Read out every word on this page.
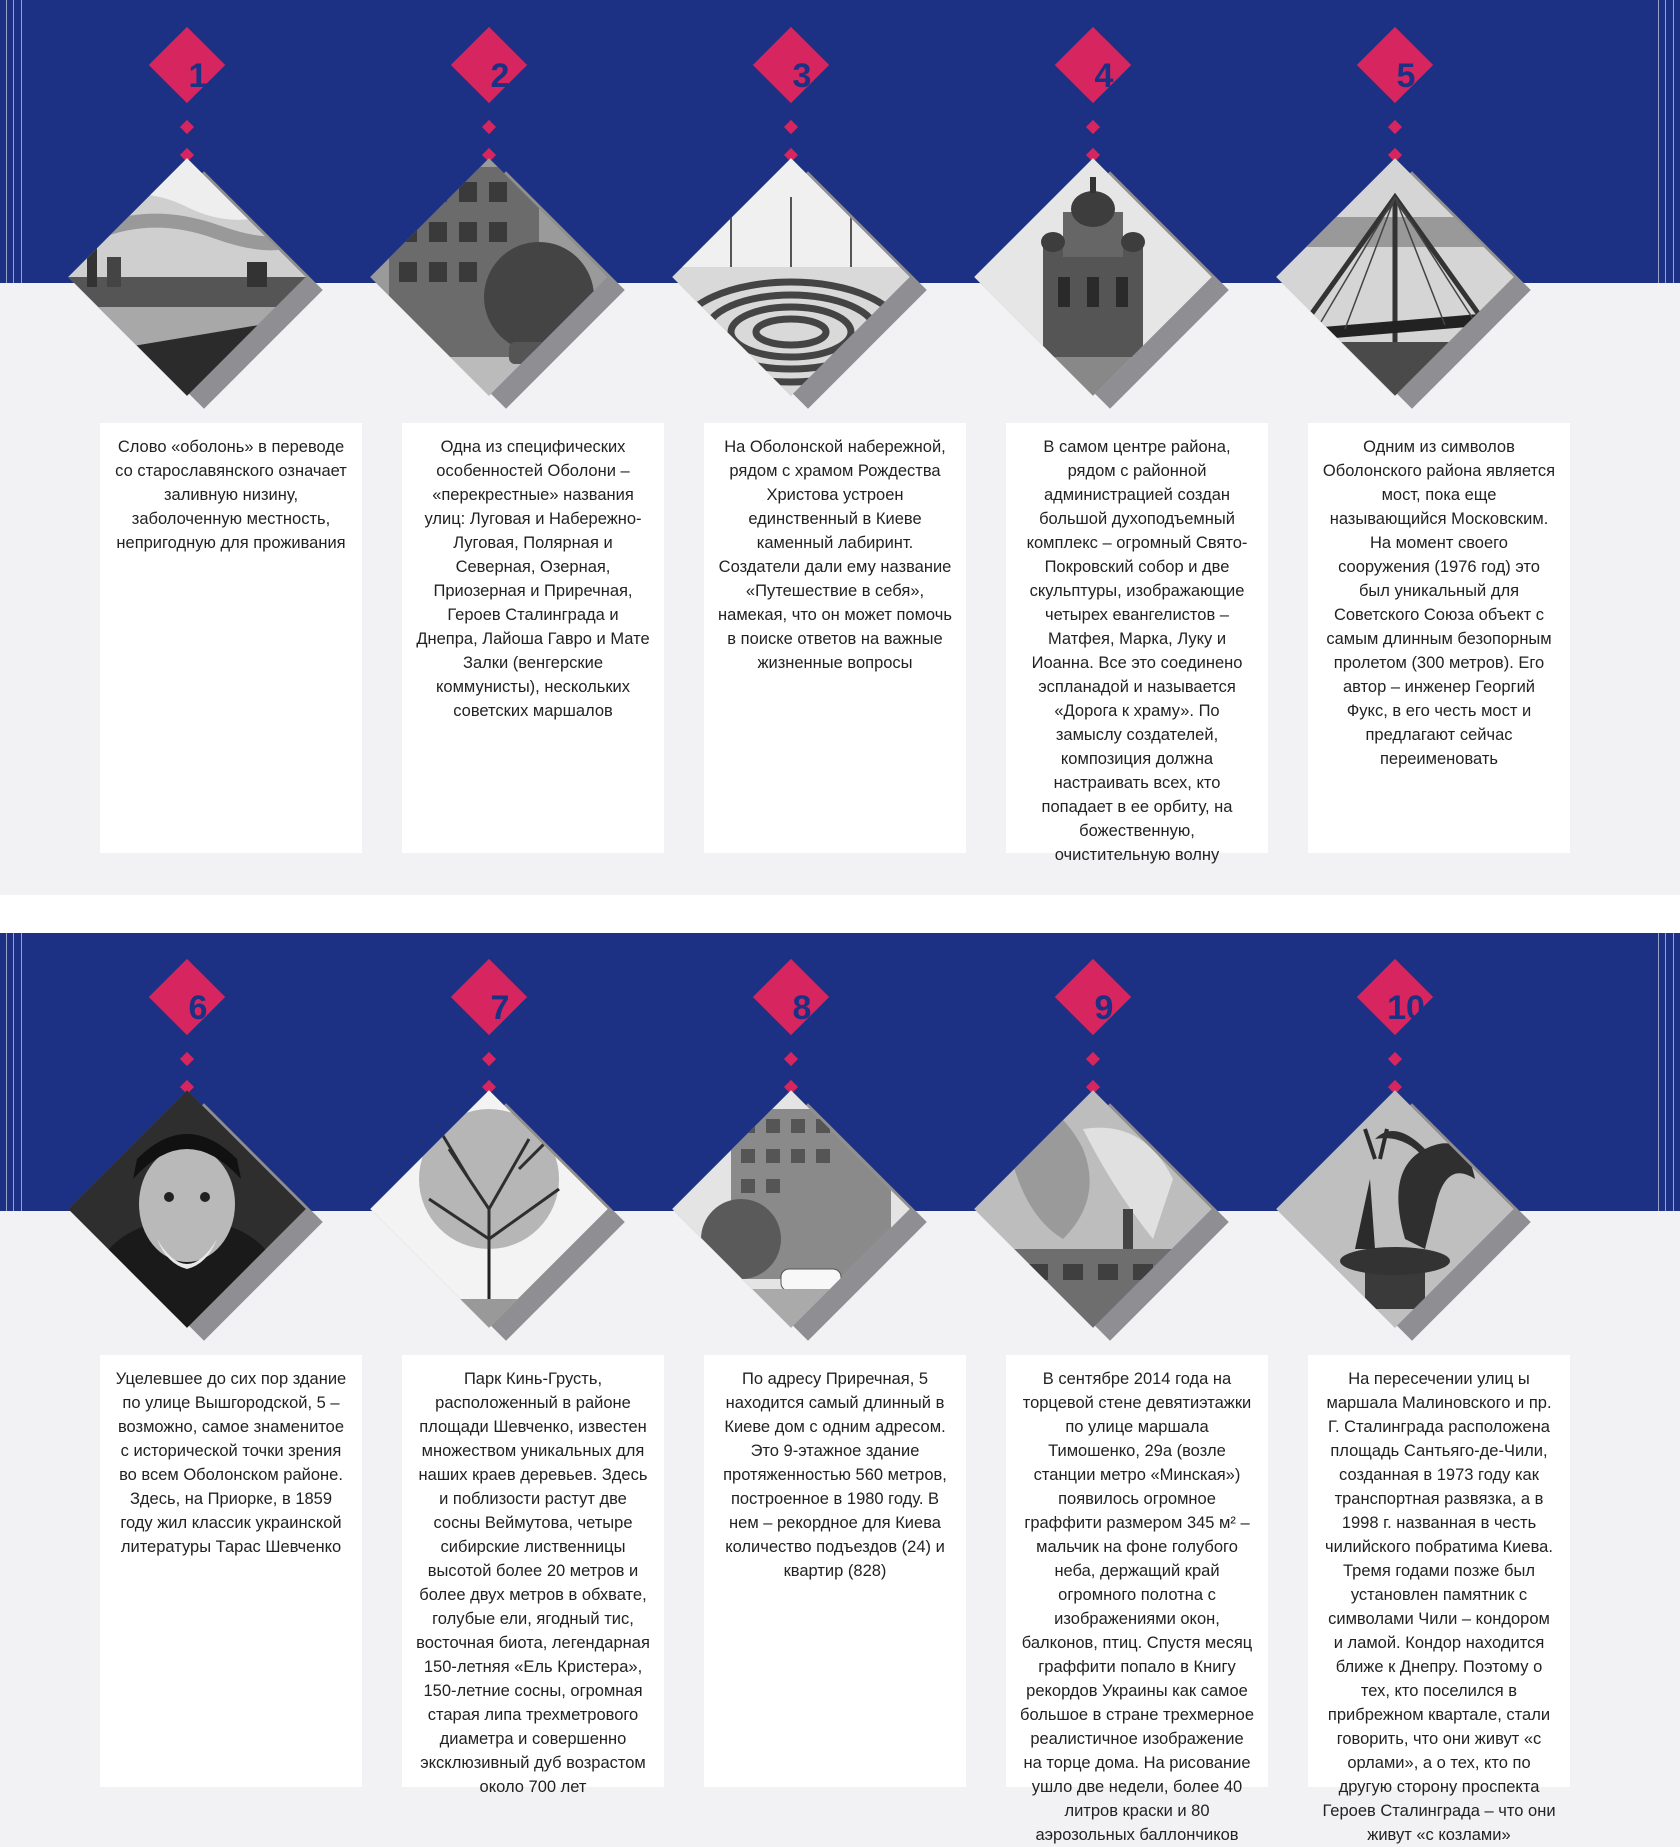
1
Слово «оболонь» в переводе со старославянского означает заливную низину, заболоченную местность, непригодную для проживания
2
Одна из специфических особенностей Оболони – «перекрестные» названия улиц: Луговая и Набережно-Луговая, Полярная и Северная, Озерная, Приозерная и Приречная, Героев Сталинграда и Днепра, Лайоша Гавро и Мате Залки (венгерские коммунисты), нескольких советских маршалов
3
На Оболонской набережной, рядом с храмом Рождества Христова устроен единственный в Киеве каменный лабиринт. Создатели дали ему название «Путешествие в себя», намекая, что он может помочь в поиске ответов на важные жизненные вопросы
4
В самом центре района, рядом с районной администрацией создан большой духоподъемный комплекс – огромный Свято-Покровский собор и две скульптуры, изображающие четырех евангелистов – Матфея, Марка, Луку и Иоанна. Все это соединено эспланадой и называется «Дорога к храму». По замыслу создателей, композиция должна настраивать всех, кто попадает в ее орбиту, на божественную, очистительную волну
5
Одним из символов Оболонского района является мост, пока еще называющийся Московским. На момент своего сооружения (1976 год) это был уникальный для Советского Союза объект с самым длинным безопорным пролетом (300 метров). Его автор – инженер Георгий Фукс, в его честь мост и предлагают сейчас переименовать
6
Уцелевшее до сих пор здание по улице Вышгородской, 5 – возможно, самое знаменитое с исторической точки зрения во всем Оболонском районе. Здесь, на Приорке, в 1859 году жил классик украинской литературы Тарас Шевченко
7
Парк Кинь-Грусть, расположенный в районе площади Шевченко, известен множеством уникальных для наших краев деревьев. Здесь и поблизости растут две сосны Веймутова, четыре сибирские лиственницы высотой более 20 метров и более двух метров в обхвате, голубые ели, ягодный тис, восточная биота, легендарная 150-летняя «Ель Кристера», 150-летние сосны, огромная старая липа трехметрового диаметра и совершенно эксклюзивный дуб возрастом около 700 лет
8
По адресу Приречная, 5 находится самый длинный в Киеве дом с одним адресом. Это 9-этажное здание протяженностью 560 метров, построенное в 1980 году. В нем – рекордное для Киева количество подъездов (24) и квартир (828)
9
В сентябре 2014 года на торцевой стене девятиэтажки по улице маршала Тимошенко, 29а (возле станции метро «Минская») появилось огромное граффити размером 345 м² – мальчик на фоне голубого неба, держащий край огромного полотна с изображениями окон, балконов, птиц. Спустя месяц граффити попало в Книгу рекордов Украины как самое большое в стране трехмерное реалистичное изображение на торце дома. На рисование ушло две недели, более 40 литров краски и 80 аэрозольных баллончиков
10
На пересечении улиц ы маршала Малиновского и пр. Г. Сталинграда расположена площадь Сантьяго-де-Чили, созданная в 1973 году как транспортная развязка, а в 1998 г. названная в честь чилийского побратима Киева. Тремя годами позже был установлен памятник с символами Чили – кондором и ламой. Кондор находится ближе к Днепру. Поэтому о тех, кто поселился в прибрежном квартале, стали говорить, что они живут «с орлами», а о тех, кто по другую сторону проспекта Героев Сталинграда – что они живут «с козлами»
